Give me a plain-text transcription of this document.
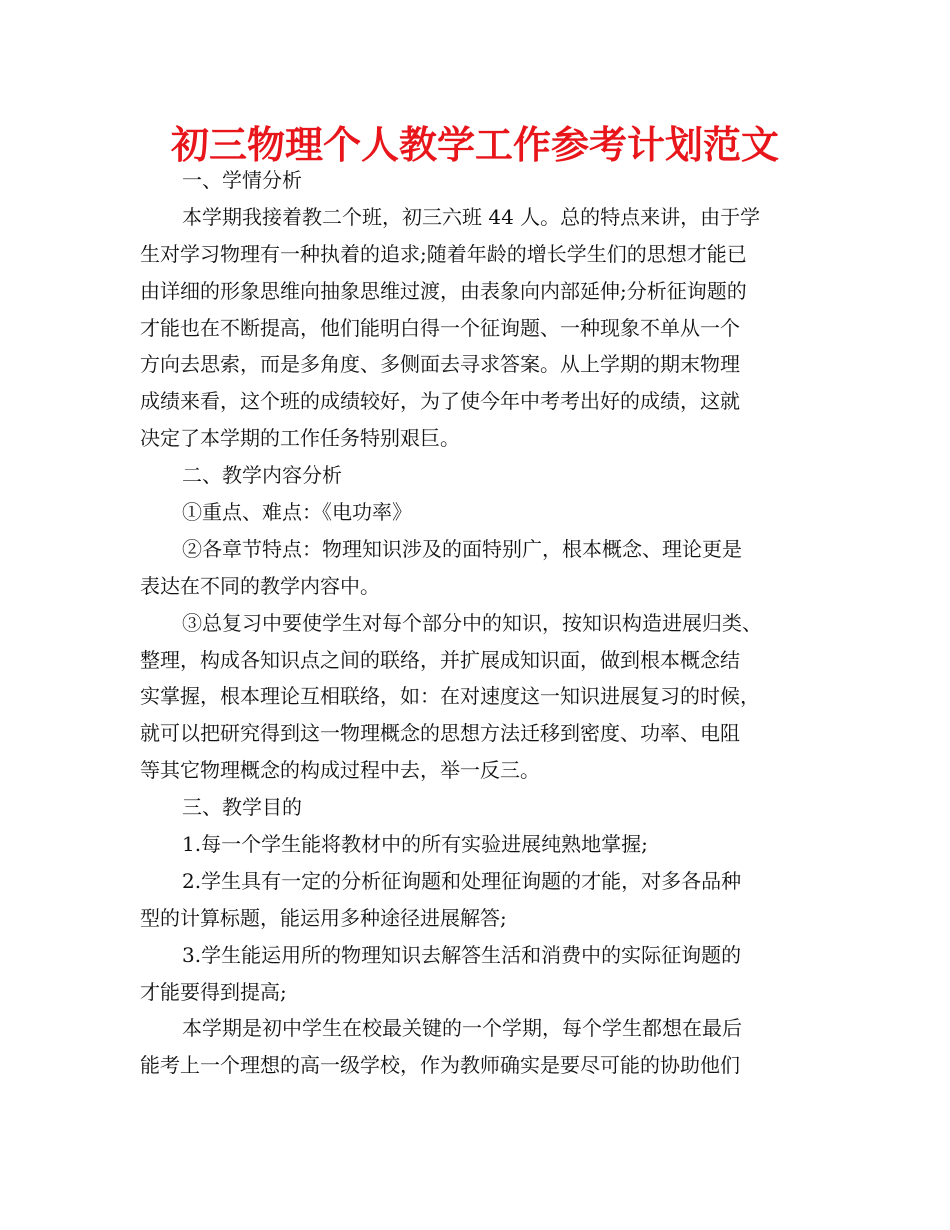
初三物理个人教学工作参考计划范文
一、学情分析
本学期我接着教二个班，初三六班 44 人。总的特点来讲，由于学
生对学习物理有一种执着的追求;随着年龄的增长学生们的思想才能已
由详细的形象思维向抽象思维过渡，由表象向内部延伸;分析征询题的
才能也在不断提高，他们能明白得一个征询题、一种现象不单从一个
方向去思索，而是多角度、多侧面去寻求答案。从上学期的期末物理
成绩来看，这个班的成绩较好，为了使今年中考考出好的成绩，这就
决定了本学期的工作任务特别艰巨。
二、教学内容分析
①重点、难点：《电功率》
②各章节特点：物理知识涉及的面特别广，根本概念、理论更是
表达在不同的教学内容中。
③总复习中要使学生对每个部分中的知识，按知识构造进展归类、
整理，构成各知识点之间的联络，并扩展成知识面，做到根本概念结
实掌握，根本理论互相联络，如：在对速度这一知识进展复习的时候，
就可以把研究得到这一物理概念的思想方法迁移到密度、功率、电阻
等其它物理概念的构成过程中去，举一反三。
三、教学目的
1.每一个学生能将教材中的所有实验进展纯熟地掌握;
2.学生具有一定的分析征询题和处理征询题的才能，对多各品种
型的计算标题，能运用多种途径进展解答;
3.学生能运用所的物理知识去解答生活和消费中的实际征询题的
才能要得到提高;
本学期是初中学生在校最关键的一个学期，每个学生都想在最后
能考上一个理想的高一级学校，作为教师确实是要尽可能的协助他们
